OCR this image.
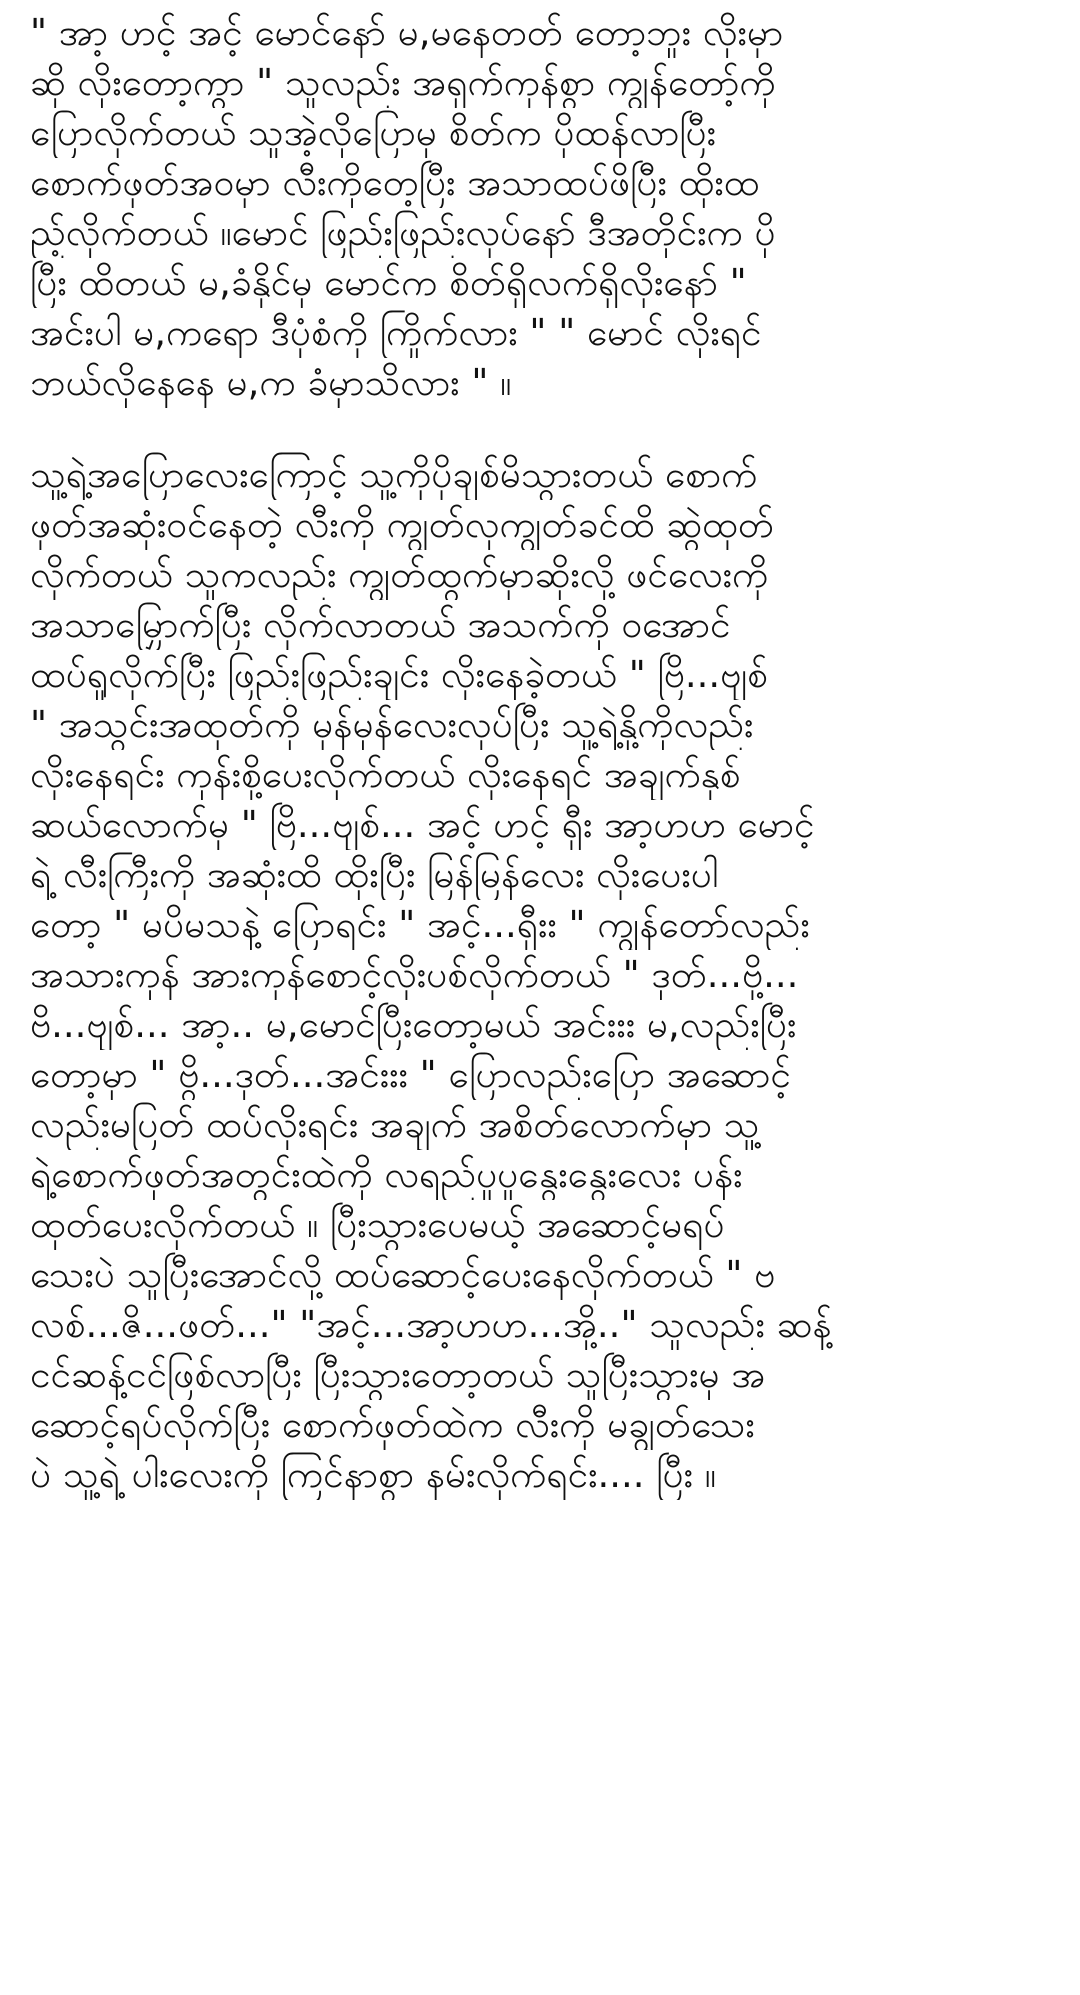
" အာ့ ဟင့် အင့် မောင်နော် မ,မနေတတ် တော့ဘူး လိုးမှာ
ဆို လိုးတော့ကွာ " သူလည်း အရှက်ကုန်စွာ ကျွန်တော့်ကို
ပြောလိုက်တယ် သူအဲ့လိုပြောမှ စိတ်က ပိုထန်လာပြီး
စောက်ဖုတ်အဝမှာ လီးကိုတေ့ပြီး အသာထပ်ဖိပြီး ထိုးထ
ည့်လိုက်တယ် ။မောင် ဖြည်းဖြည်းလုပ်နော် ဒီအတိုင်းက ပို
ပြီး ထိတယ် မ,ခံနိုင်မှ မောင်က စိတ်ရှိလက်ရှိလိုးနော် "
အင်းပါ မ,ကရော ဒီပုံစံကို ကြိုက်လား " " မောင် လိုးရင်
ဘယ်လိုနေနေ မ,က ခံမှာသိလား " ။

သူ့ရဲ့အပြောလေးကြောင့် သူ့ကိုပိုချစ်မိသွားတယ် စောက်
ဖုတ်အဆုံးဝင်နေတဲ့ လီးကို ကျွတ်လုကျွတ်ခင်ထိ ဆွဲထုတ်
လိုက်တယ် သူကလည်း ကျွတ်ထွက်မှာဆိုးလို့ ဖင်လေးကို
အသာမြှောက်ပြီး လိုက်လာတယ် အသက်ကို ဝအောင်
ထပ်ရှုလိုက်ပြီး ဖြည်းဖြည်းချင်း လိုးနေခဲ့တယ် " ဗြိ...ဗျစ်
" အသွင်းအထုတ်ကို မှန်မှန်လေးလုပ်ပြီး သူ့ရဲ့နို့ကိုလည်း
လိုးနေရင်း ကုန်းစို့ပေးလိုက်တယ် လိုးနေရင် အချက်နှစ်
ဆယ်လောက်မှ " ဗြိ...ဗျစ်... အင့် ဟင့် ရှီး အာ့ဟဟ မောင့်
ရဲ့ လီးကြီးကို အဆုံးထိ ထိုးပြီး မြန်မြန်လေး လိုးပေးပါ
တော့ " မပိမသနဲ့ ပြောရင်း " အင့်...ရှီးး " ကျွန်တော်လည်း
အသားကုန် အားကုန်စောင့်လိုးပစ်လိုက်တယ် " ဒုတ်...ဗို့...
ဗိ...ဗျစ်... အာ့.. မ,မောင်ပြီးတော့မယ် အင်းးး မ,လည်းပြီး
တော့မှာ " ဗွိ...ဒုတ်...အင်းးး " ပြောလည်းပြော အဆောင့်
လည်းမပြတ် ထပ်လိုးရင်း အချက် အစိတ်လောက်မှာ သူ့
ရဲ့စောက်ဖုတ်အတွင်းထဲကို လရည်ပူပူနွေးနွေးလေး ပန်း
ထုတ်ပေးလိုက်တယ် ။ ပြီးသွားပေမယ့် အဆောင့်မရပ်
သေးပဲ သူပြီးအောင်လို့ ထပ်ဆောင့်ပေးနေလိုက်တယ် " ဗ
လစ်...ဇိ...ဖတ်..." "အင့်...အာ့ဟဟ...အို့.." သူလည်း ဆန့်
ငင်ဆန့်ငင်ဖြစ်လာပြီး ပြီးသွားတော့တယ် သူပြီးသွားမှ အ
ဆောင့်ရပ်လိုက်ပြီး စောက်ဖုတ်ထဲက လီးကို မချွတ်သေး
ပဲ သူ့ရဲ့ ပါးလေးကို ကြင်နာစွာ နမ်းလိုက်ရင်း.... ပြီး ။
